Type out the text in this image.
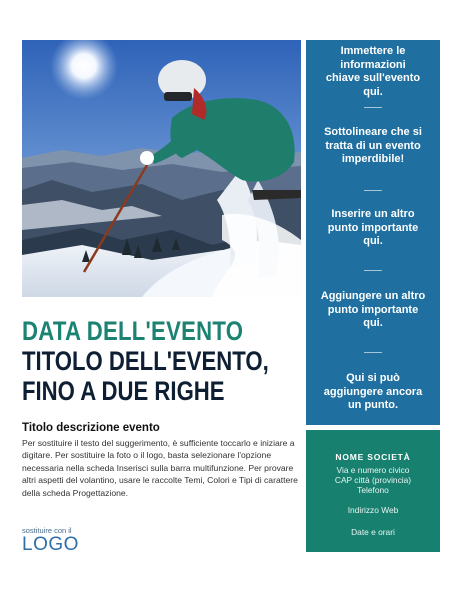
DATA DELL'EVENTO
TITOLO DELL'EVENTO,
FINO A DUE RIGHE
Titolo descrizione evento
Per sostituire il testo del suggerimento, è sufficiente toccarlo e iniziare a digitare. Per sostituire la foto o il logo, basta selezionare l'opzione necessaria nella scheda Inserisci sulla barra multifunzione. Per provare altri aspetti del volantino, usare le raccolte Temi, Colori e Tipi di carattere della scheda Progettazione.
sostituire con il
LOGO
Immettere le informazioni chiave sull'evento qui.
Sottolineare che si tratta di un evento imperdibile!
Inserire un altro punto importante qui.
Aggiungere un altro punto importante qui.
Qui si può aggiungere ancora un punto.
NOME SOCIETÀ
Via e numero civico
CAP città (provincia)
Telefono
Indirizzo Web
Date e orari
